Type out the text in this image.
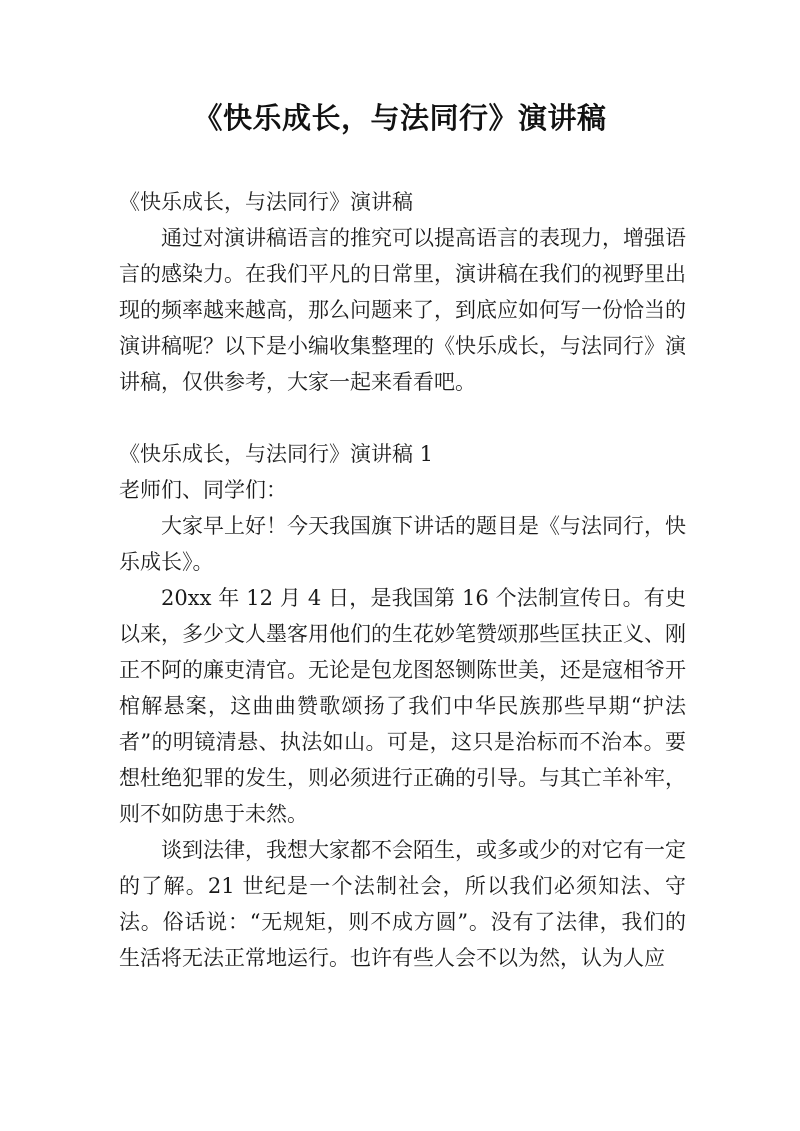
《快乐成长，与法同行》演讲稿

《快乐成长，与法同行》演讲稿

通过对演讲稿语言的推究可以提高语言的表现力，增强语言的感染力。在我们平凡的日常里，演讲稿在我们的视野里出现的频率越来越高，那么问题来了，到底应如何写一份恰当的演讲稿呢？以下是小编收集整理的《快乐成长，与法同行》演讲稿，仅供参考，大家一起来看看吧。

《快乐成长，与法同行》演讲稿 1

老师们、同学们：

大家早上好！今天我国旗下讲话的题目是《与法同行，快乐成长》。

20xx 年 12 月 4 日，是我国第 16 个法制宣传日。有史以来，多少文人墨客用他们的生花妙笔赞颂那些匡扶正义、刚正不阿的廉吏清官。无论是包龙图怒铡陈世美，还是寇相爷开棺解悬案，这曲曲赞歌颂扬了我们中华民族那些早期“护法者”的明镜清悬、执法如山。可是，这只是治标而不治本。要想杜绝犯罪的发生，则必须进行正确的引导。与其亡羊补牢，则不如防患于未然。

谈到法律，我想大家都不会陌生，或多或少的对它有一定的了解。21 世纪是一个法制社会，所以我们必须知法、守法。俗话说：“无规矩，则不成方圆”。没有了法律，我们的生活将无法正常地运行。也许有些人会不以为然，认为人应
